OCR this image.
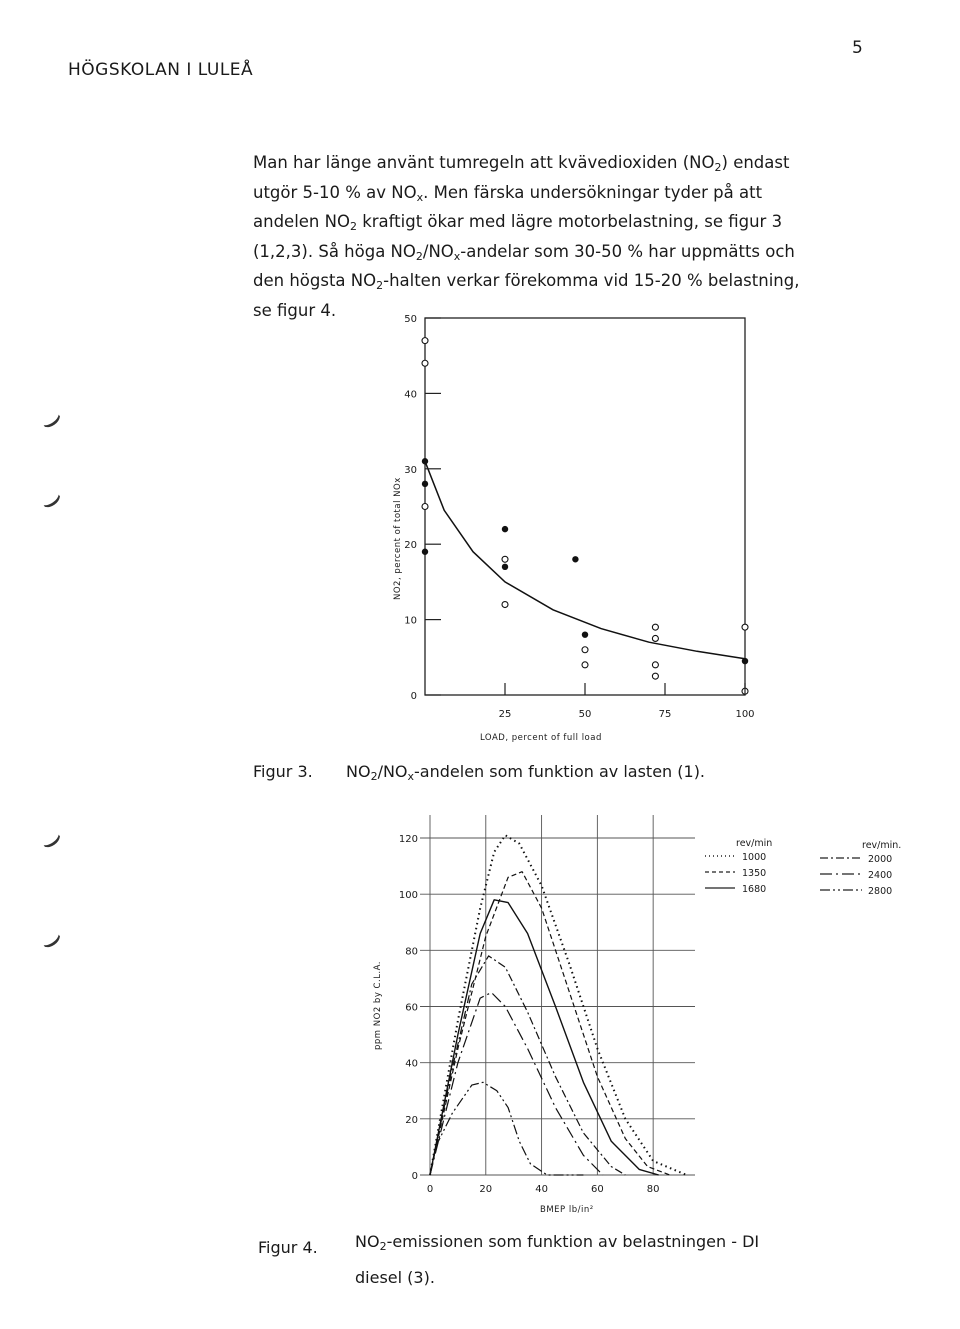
HÖGSKOLAN I LULEÅ
5
⌣
⌣
⌣
⌣
Man har länge använt tumregeln att kvävedioxiden $(NO_2)$ endast
utgör 5-10 % av $NO_x$. Men färska undersökningar tyder på att
andelen $NO_2$ kraftigt ökar med lägre motorbelastning, se figur 3
(1,2,3). Så höga $NO_2/NO_x$-andelar som 30-50 % har uppmätts och
den högsta $NO_2$-halten verkar förekomma vid 15-20 % belastning,
se figur 4.
0
10
20
30
40
50
25	50	75	100
LOAD, percent of full load
NO2, percent of total NOx
Figur 3. $NO_2/NO_x$-andelen som funktion av lasten (1).
0
20
40
60
80
100
120
0	20	40	60	80
BMEP lb/in²
ppm NO2 by C.L.A.
rev/min
1000
1350
1680
rev/min.
2000
2400
2800
Figur 4. $NO_2$-emissionen som funktion av belastningen - DI
diesel (3).
